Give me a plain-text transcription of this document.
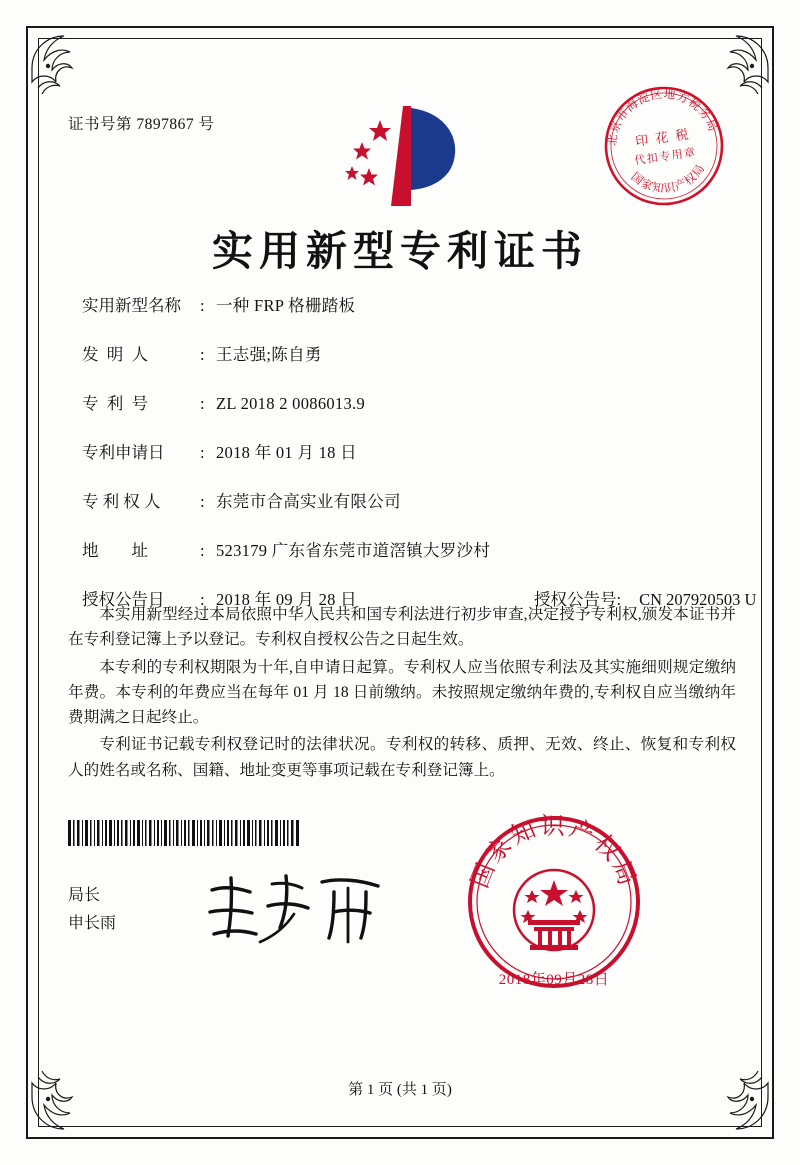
证书号第 7897867 号
北京市海淀区地方税务局
国家知识产权局
印 花 税
代扣专用章
实用新型专利证书
实用新型名称	: 一种 FRP 格栅踏板
发  明  人	: 王志强;陈自勇
专  利  号	: ZL 2018 2 0086013.9
专利申请日	: 2018 年 01 月 18 日
专 利 权 人	: 东莞市合高实业有限公司
地        址	: 523179 广东省东莞市道滘镇大罗沙村
授权公告日	: 2018 年 09 月 28 日	授权公告号: CN 207920503 U

本实用新型经过本局依照中华人民共和国专利法进行初步审查,决定授予专利权,颁发本证书并在专利登记簿上予以登记。专利权自授权公告之日起生效。

本专利的专利权期限为十年,自申请日起算。专利权人应当依照专利法及其实施细则规定缴纳年费。本专利的年费应当在每年 01 月 18 日前缴纳。未按照规定缴纳年费的,专利权自应当缴纳年费期满之日起终止。

专利证书记载专利权登记时的法律状况。专利权的转移、质押、无效、终止、恢复和专利权人的姓名或名称、国籍、地址变更等事项记载在专利登记簿上。

局长
申长雨
国家知识产权局
2018年09月28日
第 1 页 (共 1 页)
